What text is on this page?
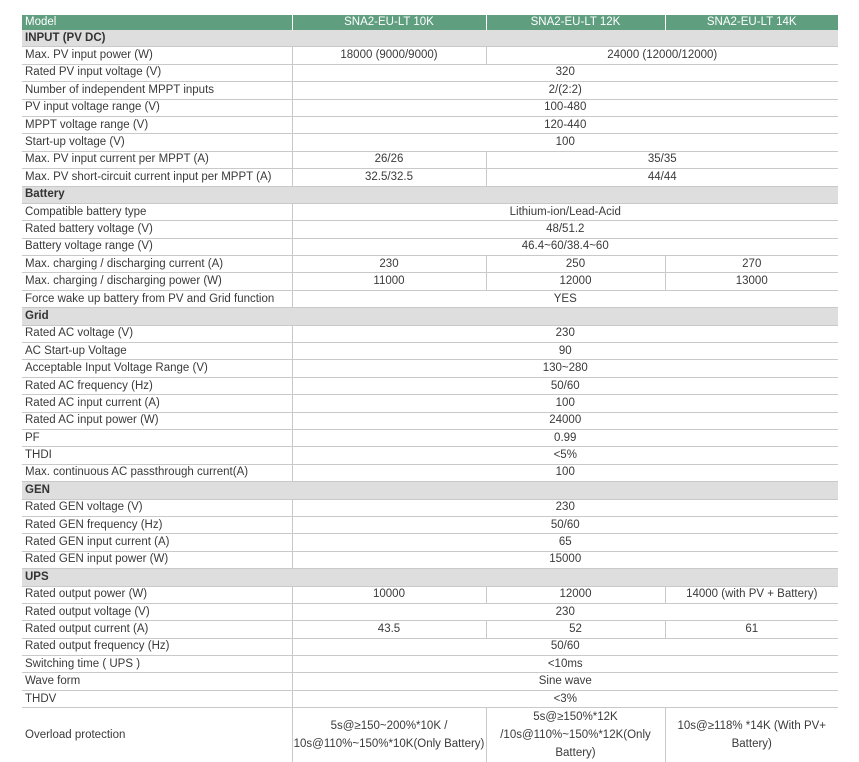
Model	SNA2-EU-LT 10K	SNA2-EU-LT 12K	SNA2-EU-LT 14K
INPUT (PV DC)			
Max. PV input power (W)	18000 (9000/9000)	24000 (12000/12000)	
Rated PV input voltage (V)	320		
Number of independent MPPT inputs	2/(2:2)		
PV input voltage range (V)	100-480		
MPPT voltage range (V)	120-440		
Start-up voltage (V)	100		
Max. PV input current per MPPT (A)	26/26	35/35	
Max. PV short-circuit current input per MPPT (A)	32.5/32.5	44/44	
Battery			
Compatible battery type	Lithium-ion/Lead-Acid		
Rated battery voltage (V)	48/51.2		
Battery voltage range (V)	46.4~60/38.4~60		
Max. charging / discharging current (A)	230	250	270
Max. charging / discharging power (W)	11000	12000	13000
Force wake up battery from PV and Grid function	YES		
Grid			
Rated AC voltage (V)	230		
AC Start-up Voltage	90		
Acceptable Input Voltage Range (V)	130~280		
Rated AC frequency (Hz)	50/60		
Rated AC input current (A)	100		
Rated AC input power (W)	24000		
PF	0.99		
THDI	<5%		
Max. continuous AC passthrough current(A)	100		
GEN			
Rated GEN voltage (V)	230		
Rated GEN frequency (Hz)	50/60		
Rated GEN input current (A)	65		
Rated GEN input power (W)	15000		
UPS			
Rated output power (W)	10000	12000	14000 (with PV + Battery)
Rated output voltage (V)	230		
Rated output current (A)	43.5	52	61
Rated output frequency (Hz)	50/60		
Switching time ( UPS )	<10ms		
Wave form	Sine wave		
THDV	<3%		
Overload protection	5s@≥150~200%*10K / 10s@110%~150%*10K(Only Battery)	5s@≥150%*12K /10s@110%~150%*12K(Only Battery)	10s@≥118% *14K (With PV+ Battery)
